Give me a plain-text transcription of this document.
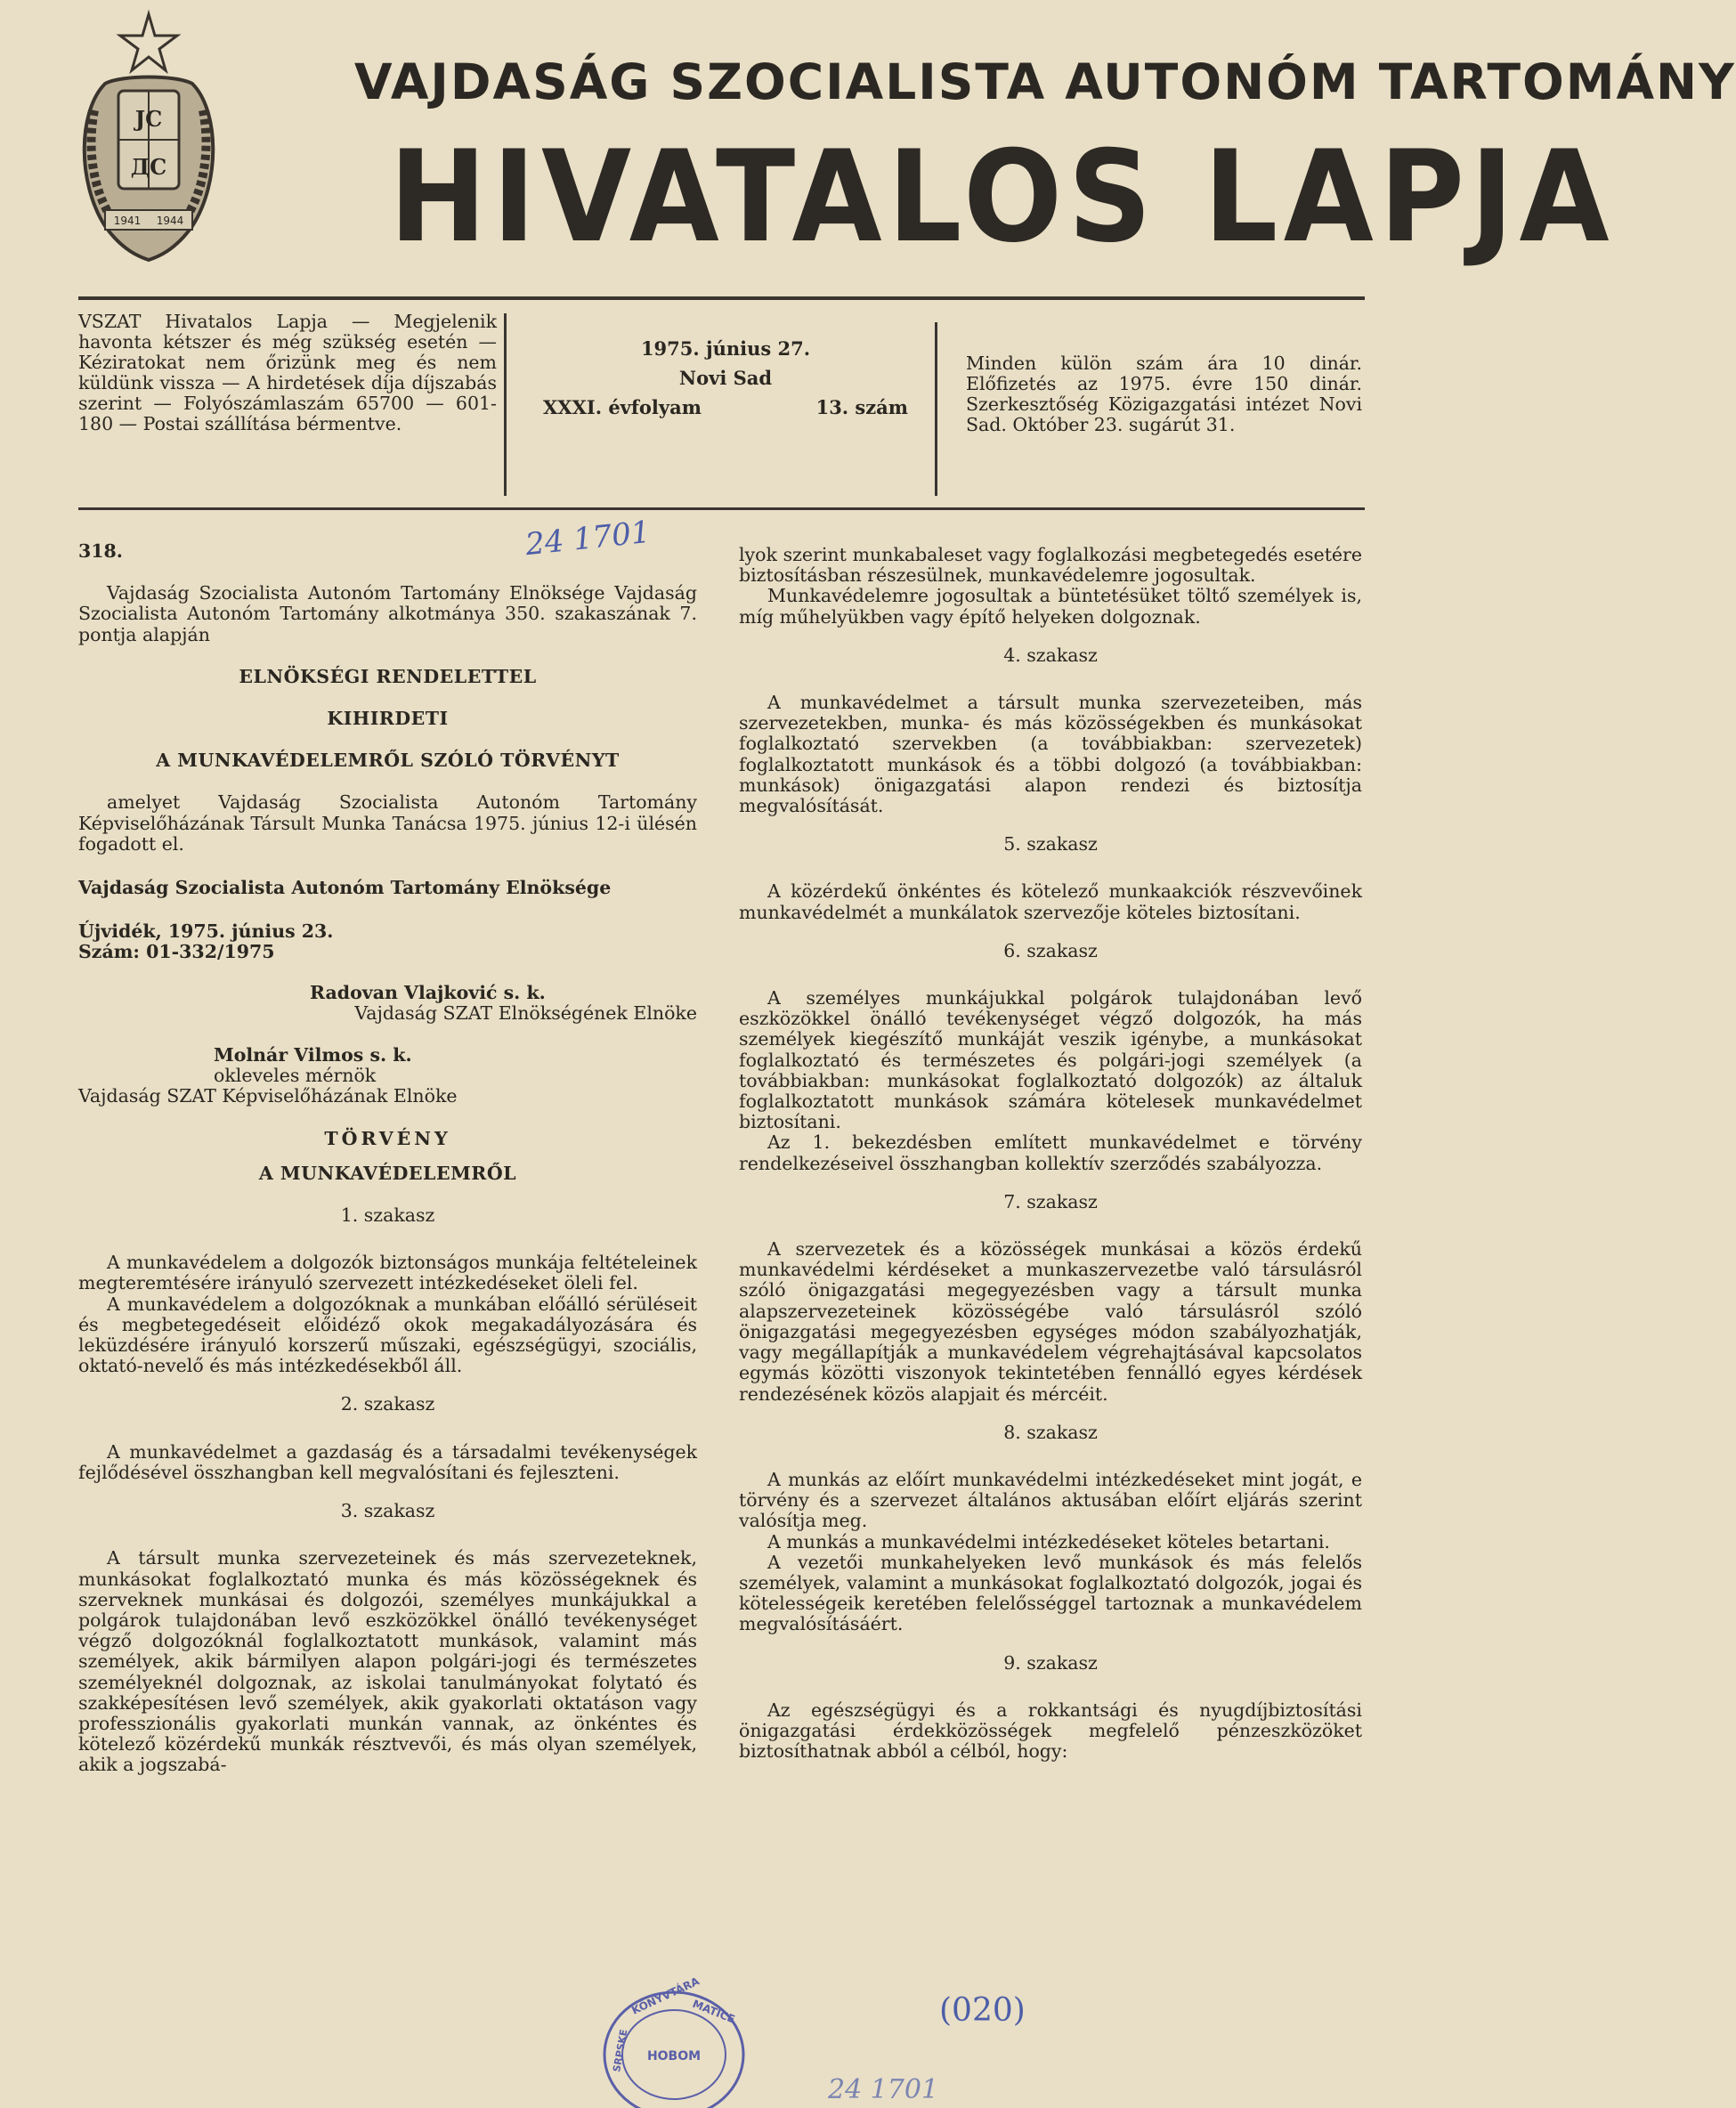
ЈС
ДС
1941 1944
VAJDASÁG SZOCIALISTA AUTONÓM TARTOMÁNY
HIVATALOS LAPJA
VSZAT Hivatalos Lapja — Megjelenik havonta kétszer és még szükség esetén — Kéziratokat nem őrizünk meg és nem küldünk vissza — A hirdetések díja díjszabás szerint — Folyószámlaszám 65700 — 601-180 — Postai szállítása bérmentve.
1975. június 27.
Novi Sad
XXXI. évfolyam	13. szám
Minden külön szám ára 10 dinár. Előfizetés az 1975. évre 150 dinár. Szerkesztőség Közigazgatási intézet Novi Sad. Október 23. sugárút 31.
24 1701
318.

Vajdaság Szocialista Autonóm Tartomány Elnöksége Vajdaság Szocialista Autonóm Tartomány alkotmánya 350. szakaszának 7. pontja alapján

ELNÖKSÉGI RENDELETTEL
KIHIRDETI
A MUNKAVÉDELEMRŐL SZÓLÓ TÖRVÉNYT

amelyet Vajdaság Szocialista Autonóm Tartomány Képviselőházának Társult Munka Tanácsa 1975. június 12-i ülésén fogadott el.

Vajdaság Szocialista Autonóm Tartomány Elnöksége

Újvidék, 1975. június 23.

Szám: 01-332/1975

Radovan Vlajković s. k.
Vajdaság SZAT Elnökségének Elnöke
Molnár Vilmos s. k.
okleveles mérnök
Vajdaság SZAT Képviselőházának Elnöke
TÖRVÉNY
A MUNKAVÉDELEMRŐL
1. szakasz

A munkavédelem a dolgozók biztonságos munkája feltételeinek megteremtésére irányuló szervezett intézkedéseket öleli fel.

A munkavédelem a dolgozóknak a munkában előálló sérüléseit és megbetegedéseit előidéző okok megakadályozására és leküzdésére irányuló korszerű műszaki, egészségügyi, szociális, oktató-nevelő és más intézkedésekből áll.

2. szakasz

A munkavédelmet a gazdaság és a társadalmi tevékenységek fejlődésével összhangban kell megvalósítani és fejleszteni.

3. szakasz

A társult munka szervezeteinek és más szervezeteknek, munkásokat foglalkoztató munka és más közösségeknek és szerveknek munkásai és dolgozói, személyes munkájukkal a polgárok tulajdonában levő eszközökkel önálló tevékenységet végző dolgozóknál foglalkoztatott munkások, valamint más személyek, akik bármilyen alapon polgári-jogi és természetes személyeknél dolgoznak, az iskolai tanulmányokat folytató és szakképesítésen levő személyek, akik gyakorlati oktatáson vagy professzionális gyakorlati munkán vannak, az önkéntes és kötelező közérdekű munkák résztvevői, és más olyan személyek, akik a jogszabá-

lyok szerint munkabaleset vagy foglalkozási megbetegedés esetére biztosításban részesülnek, munkavédelemre jogosultak.

Munkavédelemre jogosultak a büntetésüket töltő személyek is, míg műhelyükben vagy építő helyeken dolgoznak.

4. szakasz

A munkavédelmet a társult munka szervezeteiben, más szervezetekben, munka- és más közösségekben és munkásokat foglalkoztató szervekben (a továbbiakban: szervezetek) foglalkoztatott munkások és a többi dolgozó (a továbbiakban: munkások) önigazgatási alapon rendezi és biztosítja megvalósítását.

5. szakasz

A közérdekű önkéntes és kötelező munkaakciók részvevőinek munkavédelmét a munkálatok szervezője köteles biztosítani.

6. szakasz

A személyes munkájukkal polgárok tulajdonában levő eszközökkel önálló tevékenységet végző dolgozók, ha más személyek kiegészítő munkáját veszik igénybe, a munkásokat foglalkoztató és természetes és polgári-jogi személyek (a továbbiakban: munkásokat foglalkoztató dolgozók) az általuk foglalkoztatott munkások számára kötelesek munkavédelmet biztosítani.

Az 1. bekezdésben említett munkavédelmet e törvény rendelkezéseivel összhangban kollektív szerződés szabályozza.

7. szakasz

A szervezetek és a közösségek munkásai a közös érdekű munkavédelmi kérdéseket a munkaszervezetbe való társulásról szóló önigazgatási megegyezésben vagy a társult munka alapszervezeteinek közösségébe való társulásról szóló önigazgatási megegyezésben egységes módon szabályozhatják, vagy megállapítják a munkavédelem végrehajtásával kapcsolatos egymás közötti viszonyok tekintetében fennálló egyes kérdések rendezésének közös alapjait és mércéit.

8. szakasz

A munkás az előírt munkavédelmi intézkedéseket mint jogát, e törvény és a szervezet általános aktusában előírt eljárás szerint valósítja meg.

A munkás a munkavédelmi intézkedéseket köteles betartani.

A vezetői munkahelyeken levő munkások és más felelős személyek, valamint a munkásokat foglalkoztató dolgozók, jogai és kötelességeik keretében felelősséggel tartoznak a munkavédelem megvalósításáért.

9. szakasz

Az egészségügyi és a rokkantsági és nyugdíjbiztosítási önigazgatási érdekközösségek megfelelő pénzeszközöket biztosíthatnak abból a célból, hogy:

KÖNYVTÁRA
MATICE
SRPSKE НОВОМ
(020)
24 1701
